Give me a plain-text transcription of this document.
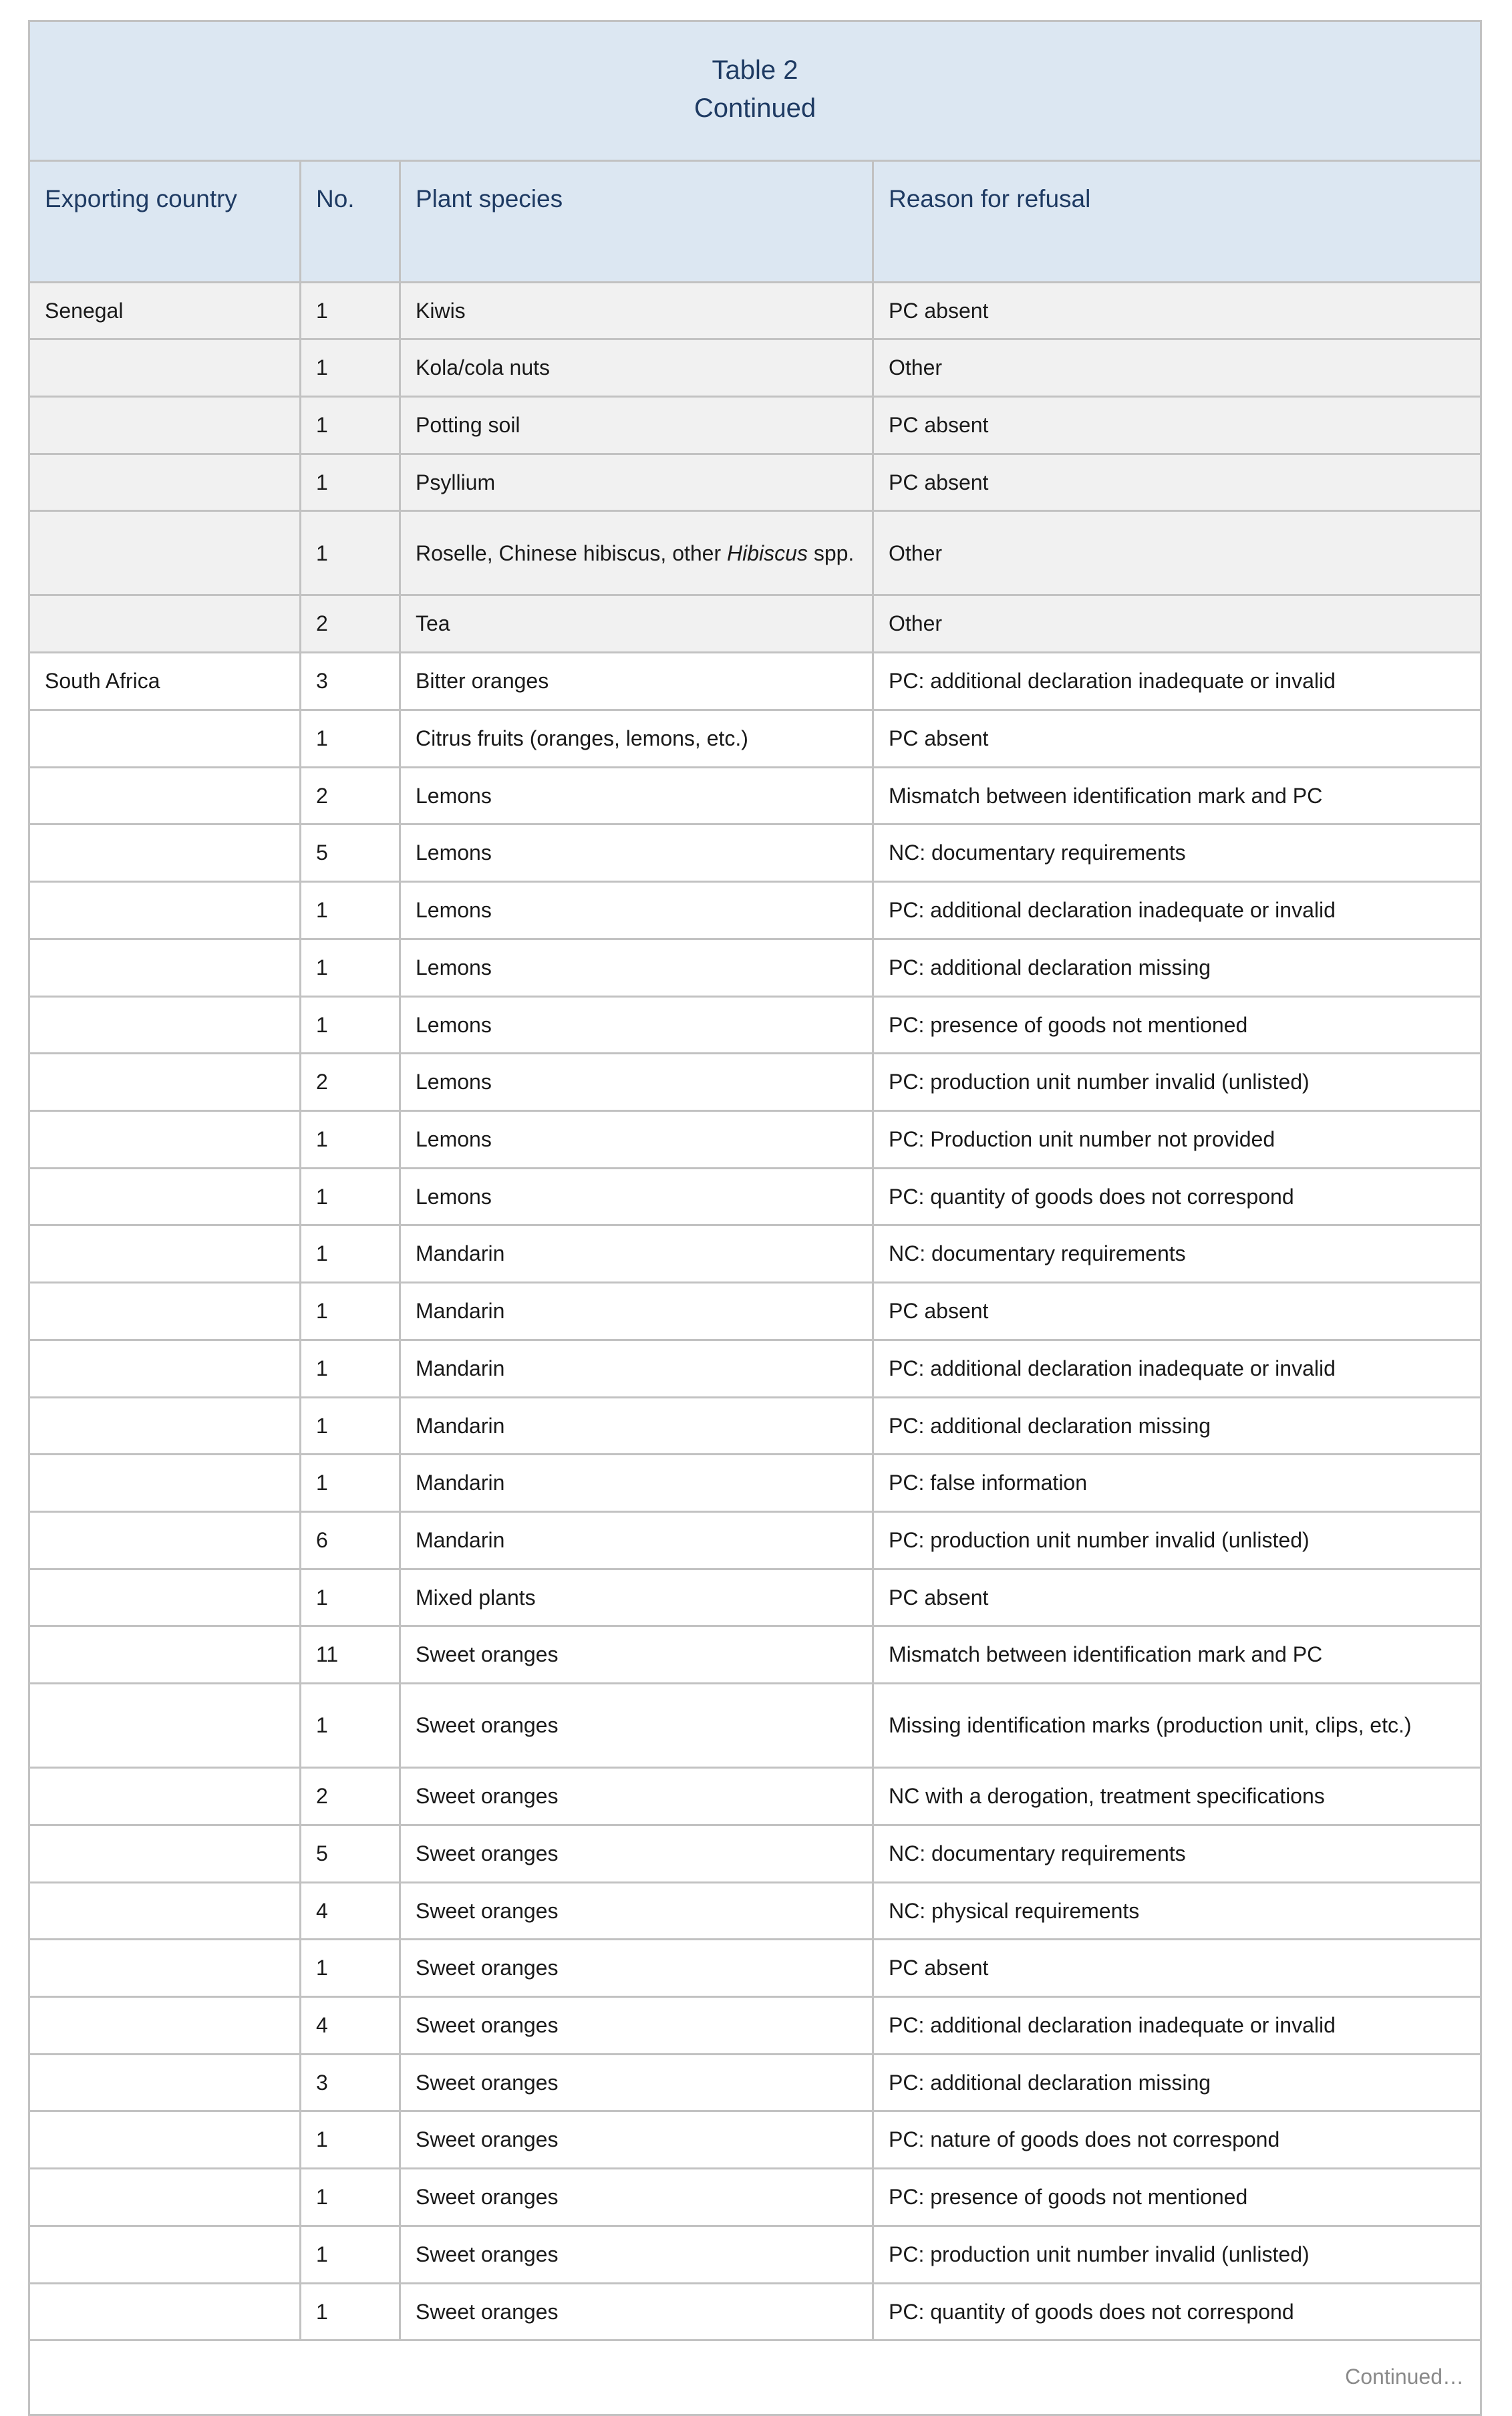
Table 2
Continued			

Exporting country	No.	Plant species	Reason for refusal
Senegal	1	Kiwis	PC absent
	1	Kola/cola nuts	Other
	1	Potting soil	PC absent
	1	Psyllium	PC absent
	1	Roselle, Chinese hibiscus, other Hibiscus spp.	Other
	2	Tea	Other
South Africa	3	Bitter oranges	PC: additional declaration inadequate or invalid
	1	Citrus fruits (oranges, lemons, etc.)	PC absent
	2	Lemons	Mismatch between identification mark and PC
	5	Lemons	NC: documentary requirements
	1	Lemons	PC: additional declaration inadequate or invalid
	1	Lemons	PC: additional declaration missing
	1	Lemons	PC: presence of goods not mentioned
	2	Lemons	PC: production unit number invalid (unlisted)
	1	Lemons	PC: Production unit number not provided
	1	Lemons	PC: quantity of goods does not correspond
	1	Mandarin	NC: documentary requirements
	1	Mandarin	PC absent
	1	Mandarin	PC: additional declaration inadequate or invalid
	1	Mandarin	PC: additional declaration missing
	1	Mandarin	PC: false information
	6	Mandarin	PC: production unit number invalid (unlisted)
	1	Mixed plants	PC absent
	11	Sweet oranges	Mismatch between identification mark and PC
	1	Sweet oranges	Missing identification marks (production unit, clips, etc.)
	2	Sweet oranges	NC with a derogation, treatment specifications
	5	Sweet oranges	NC: documentary requirements
	4	Sweet oranges	NC: physical requirements
	1	Sweet oranges	PC absent
	4	Sweet oranges	PC: additional declaration inadequate or invalid
	3	Sweet oranges	PC: additional declaration missing
	1	Sweet oranges	PC: nature of goods does not correspond
	1	Sweet oranges	PC: presence of goods not mentioned
	1	Sweet oranges	PC: production unit number invalid (unlisted)
	1	Sweet oranges	PC: quantity of goods does not correspond
Continued…			
